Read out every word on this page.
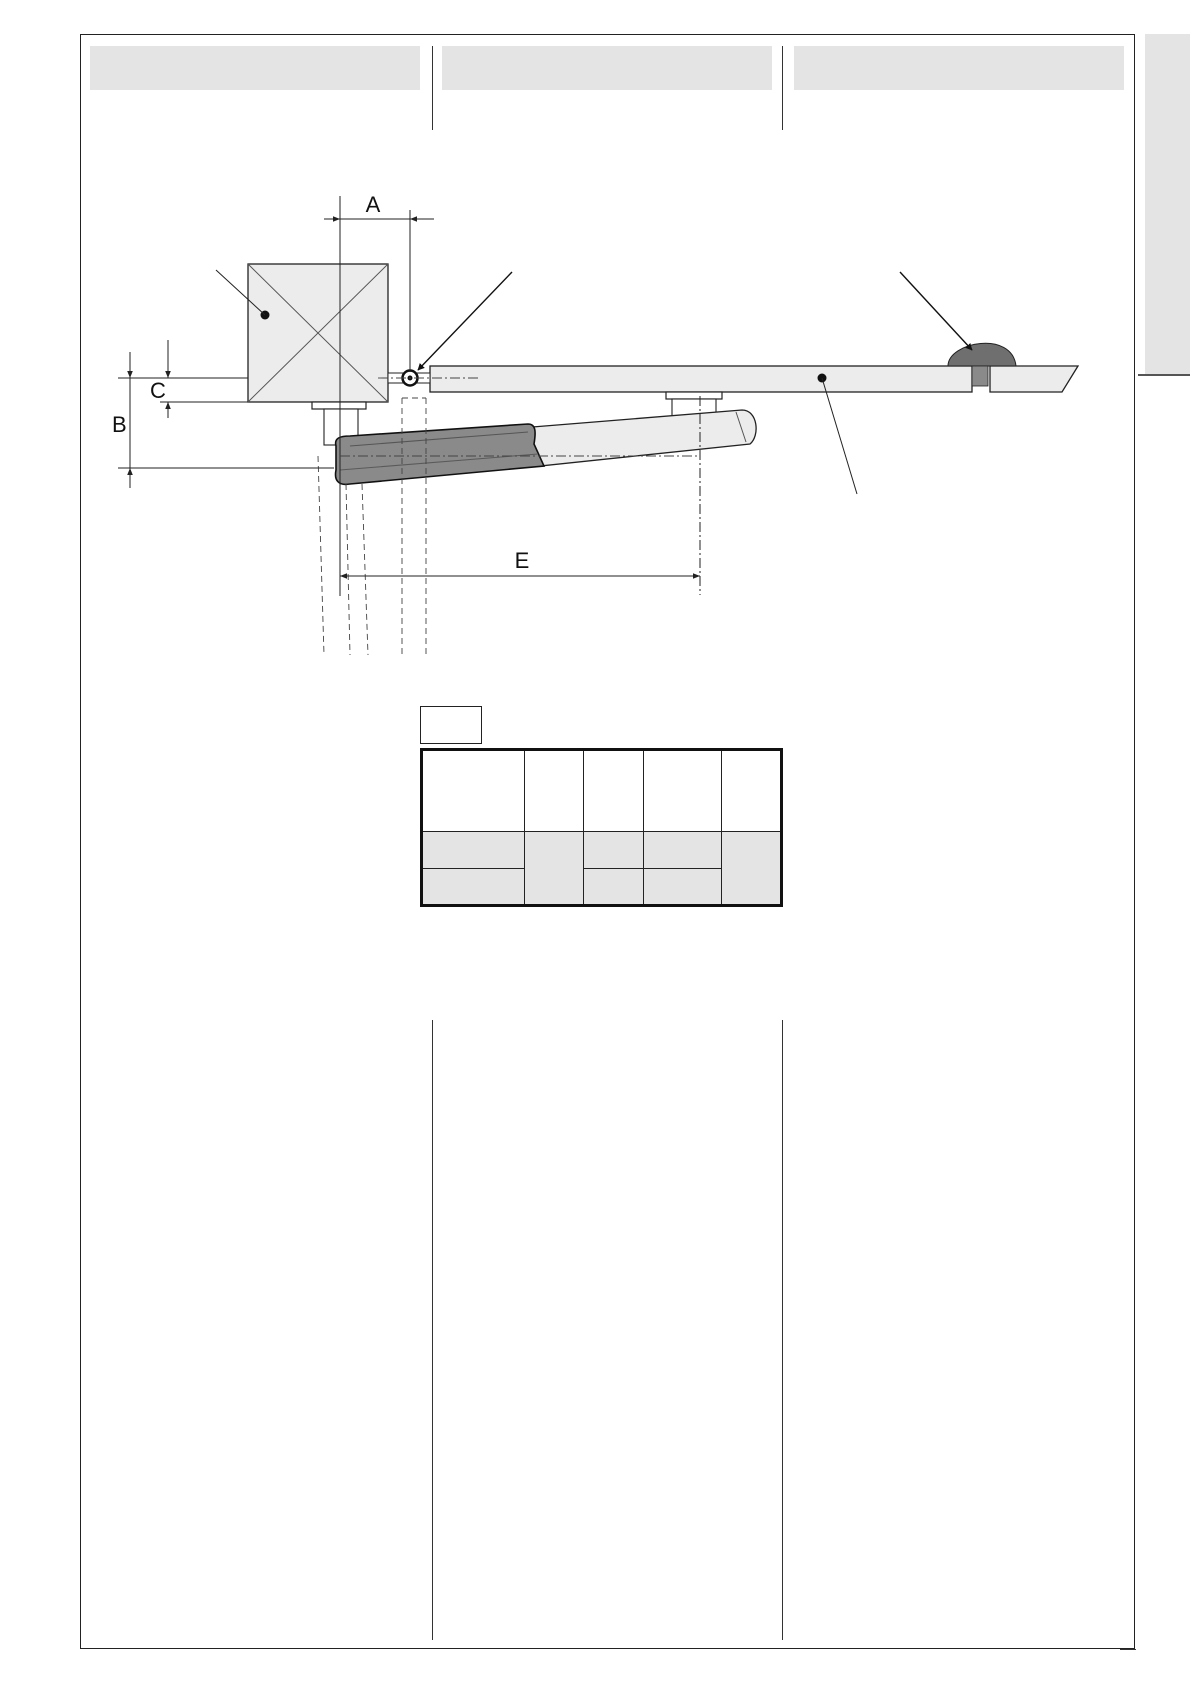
A
B
C
E
